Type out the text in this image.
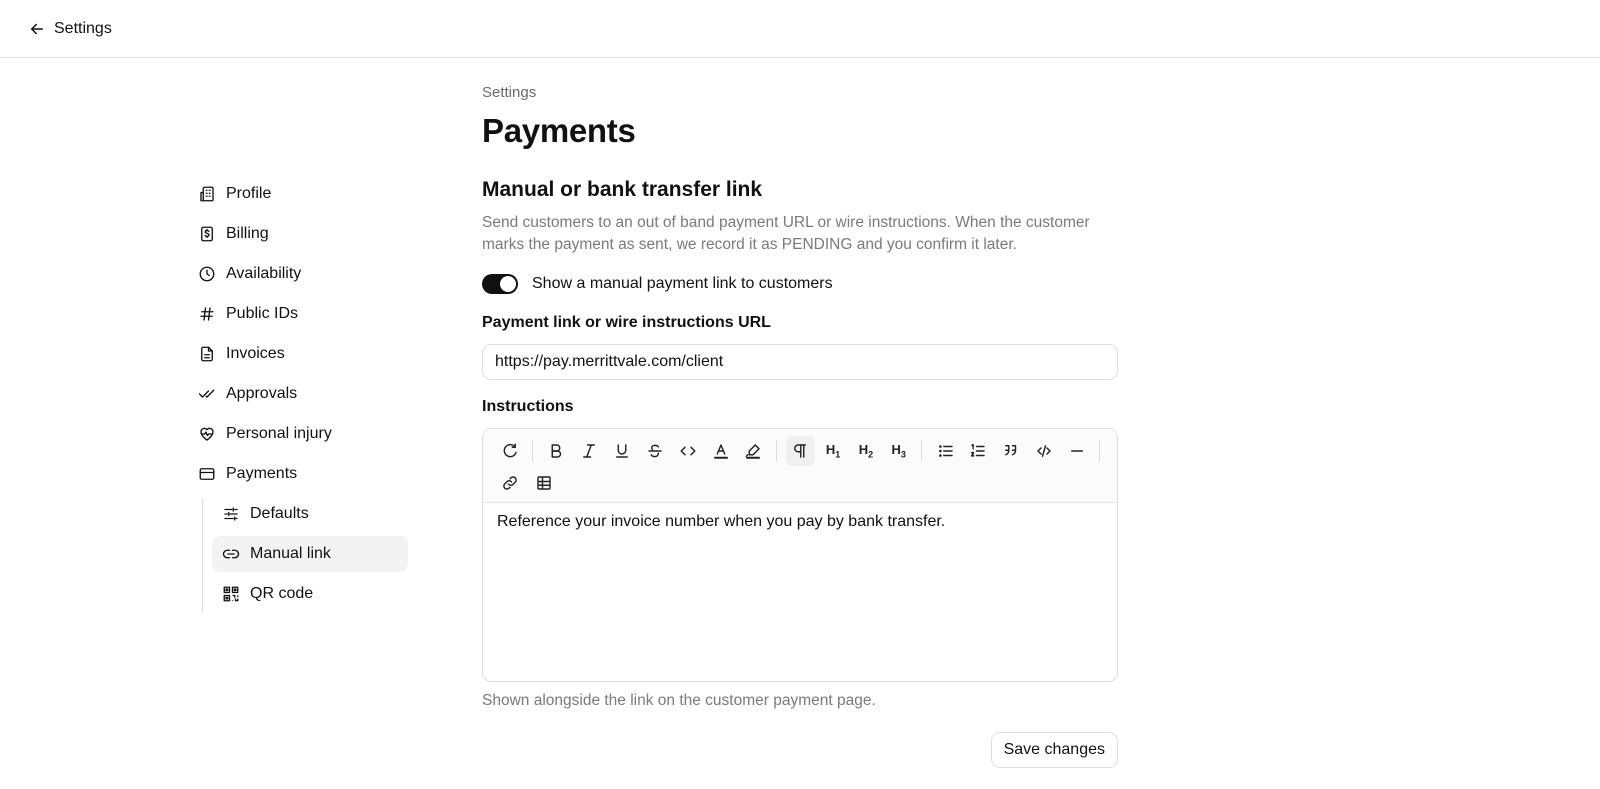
Settings
Profile
Billing
Availability
Public IDs
Invoices
Approvals
Personal injury
Payments
Defaults
Manual link
QR code
Settings
Payments
Manual or bank transfer link

Send customers to an out of band payment URL or wire instructions. When the customer marks the payment as sent, we record it as PENDING and you confirm it later.

Show a manual payment link to customers
Payment link or wire instructions URL
https://pay.merrittvale.com/client
Instructions
$H_1$ $H_2$ $H_3$
Reference your invoice number when you pay by bank transfer.
Shown alongside the link on the customer payment page.
Save changes
